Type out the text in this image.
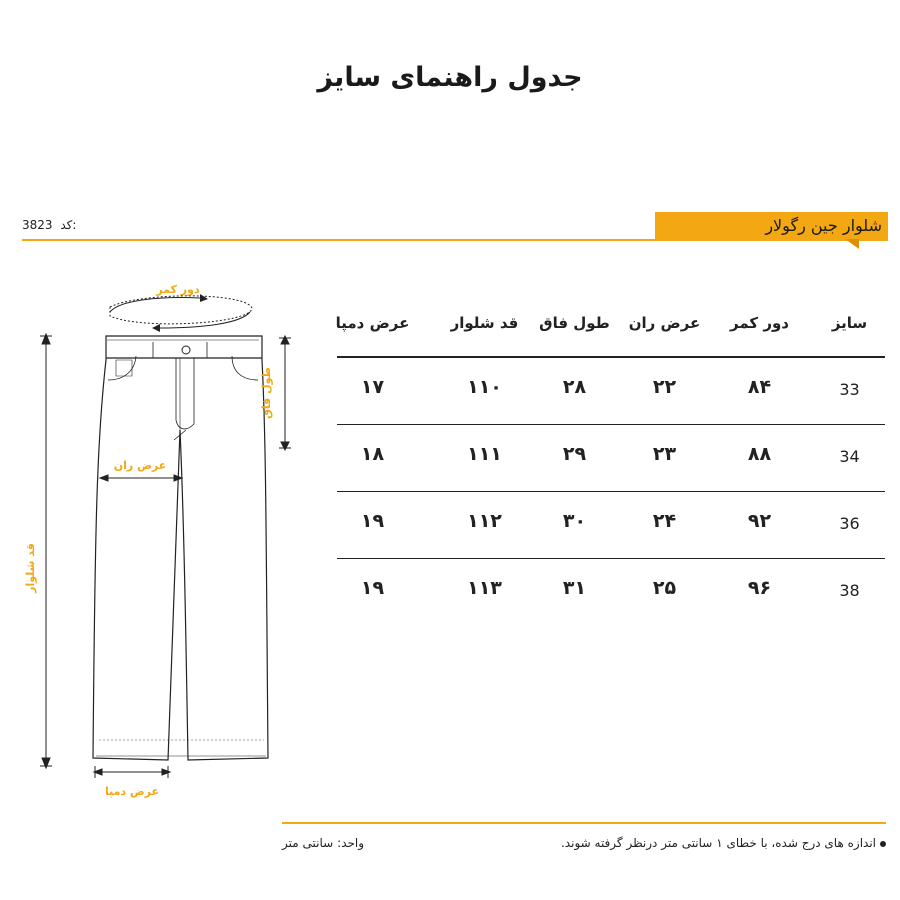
جدول راهنمای سایز
شلوار جین رگولار
3823 کد:
دور کمر
طول فاق
عرض ران
قد شلوار
عرض دمپا
سایز
دور کمر
عرض ران
طول فاق
قد شلوار
عرض دمپا
33
۸۴
۲۲
۲۸
۱۱۰
۱۷
34
۸۸
۲۳
۲۹
۱۱۱
۱۸
36
۹۲
۲۴
۳۰
۱۱۲
۱۹
38
۹۶
۲۵
۳۱
۱۱۳
۱۹
اندازه های درج شده، با خطای ۱ سانتی متر درنظر گرفته شوند.
واحد:سانتی متر
